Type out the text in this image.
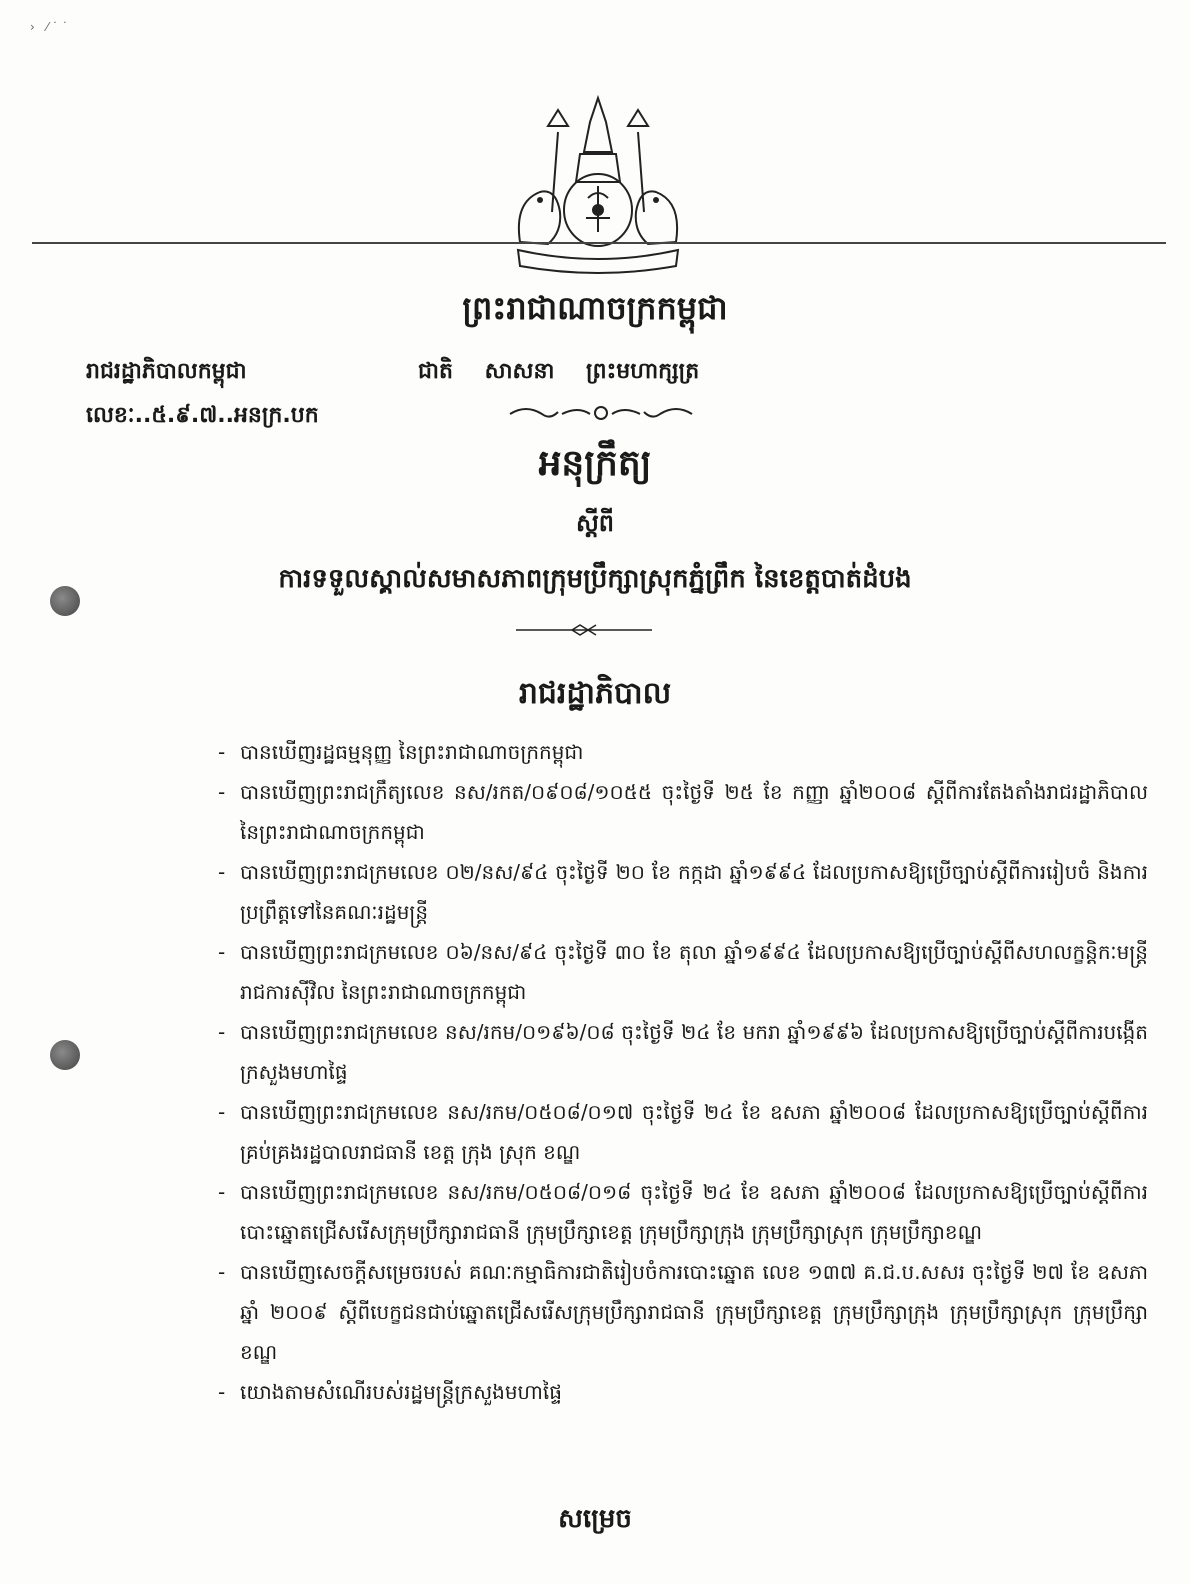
›   ⁄ ˙ ˙
ព្រះរាជាណាចក្រកម្ពុជា
រាជរដ្ឋាភិបាលកម្ពុជា
លេខៈ..៥.៩.៧..អនក្រ.បក
ជាតិ សាសនា ព្រះមហាក្សត្រ
អនុក្រឹត្យ
ស្តីពី
ការទទួលស្គាល់សមាសភាពក្រុមប្រឹក្សាស្រុកភ្នំព្រឹក នៃខេត្តបាត់ដំបង
រាជរដ្ឋាភិបាល
- បានឃើញរដ្ឋធម្មនុញ្ញ នៃព្រះរាជាណាចក្រកម្ពុជា
- បានឃើញព្រះរាជក្រឹត្យលេខ នស/រកត/០៩០៨/១០៥៥ ចុះថ្ងៃទី ២៥ ខែ កញ្ញា ឆ្នាំ២០០៨ ស្តីពីការតែងតាំងរាជរដ្ឋាភិបាល នៃព្រះរាជាណាចក្រកម្ពុជា
- បានឃើញព្រះរាជក្រមលេខ ០២/នស/៩៤ ចុះថ្ងៃទី ២០ ខែ កក្កដា ឆ្នាំ១៩៩៤ ដែលប្រកាសឱ្យប្រើច្បាប់ស្តីពីការរៀបចំ និងការប្រព្រឹត្តទៅនៃគណៈរដ្ឋមន្ត្រី
- បានឃើញព្រះរាជក្រមលេខ ០៦/នស/៩៤ ចុះថ្ងៃទី ៣០ ខែ តុលា ឆ្នាំ១៩៩៤ ដែលប្រកាសឱ្យប្រើច្បាប់ស្តីពីសហលក្ខន្តិកៈមន្ត្រីរាជការស៊ីវិល នៃព្រះរាជាណាចក្រកម្ពុជា
- បានឃើញព្រះរាជក្រមលេខ នស/រកម/០១៩៦/០៨ ចុះថ្ងៃទី ២៤ ខែ មករា ឆ្នាំ១៩៩៦ ដែលប្រកាសឱ្យប្រើច្បាប់ស្តីពីការបង្កើតក្រសួងមហាផ្ទៃ
- បានឃើញព្រះរាជក្រមលេខ នស/រកម/០៥០៨/០១៧ ចុះថ្ងៃទី ២៤ ខែ ឧសភា ឆ្នាំ២០០៨ ដែលប្រកាសឱ្យប្រើច្បាប់ស្តីពីការគ្រប់គ្រងរដ្ឋបាលរាជធានី ខេត្ត ក្រុង ស្រុក ខណ្ឌ
- បានឃើញព្រះរាជក្រមលេខ នស/រកម/០៥០៨/០១៨ ចុះថ្ងៃទី ២៤ ខែ ឧសភា ឆ្នាំ២០០៨ ដែលប្រកាសឱ្យប្រើច្បាប់ស្តីពីការបោះឆ្នោតជ្រើសរើសក្រុមប្រឹក្សារាជធានី ក្រុមប្រឹក្សាខេត្ត ក្រុមប្រឹក្សាក្រុង ក្រុមប្រឹក្សាស្រុក ក្រុមប្រឹក្សាខណ្ឌ
- បានឃើញសេចក្តីសម្រេចរបស់ គណៈកម្មាធិការជាតិរៀបចំការបោះឆ្នោត លេខ ១៣៧ គ.ជ.ប.សសរ ចុះថ្ងៃទី ២៧ ខែ ឧសភា ឆ្នាំ ២០០៩ ស្តីពីបេក្ខជនជាប់ឆ្នោតជ្រើសរើសក្រុមប្រឹក្សារាជធានី ក្រុមប្រឹក្សាខេត្ត ក្រុមប្រឹក្សាក្រុង ក្រុមប្រឹក្សាស្រុក ក្រុមប្រឹក្សាខណ្ឌ
- យោងតាមសំណើរបស់រដ្ឋមន្ត្រីក្រសួងមហាផ្ទៃ
សម្រេច
